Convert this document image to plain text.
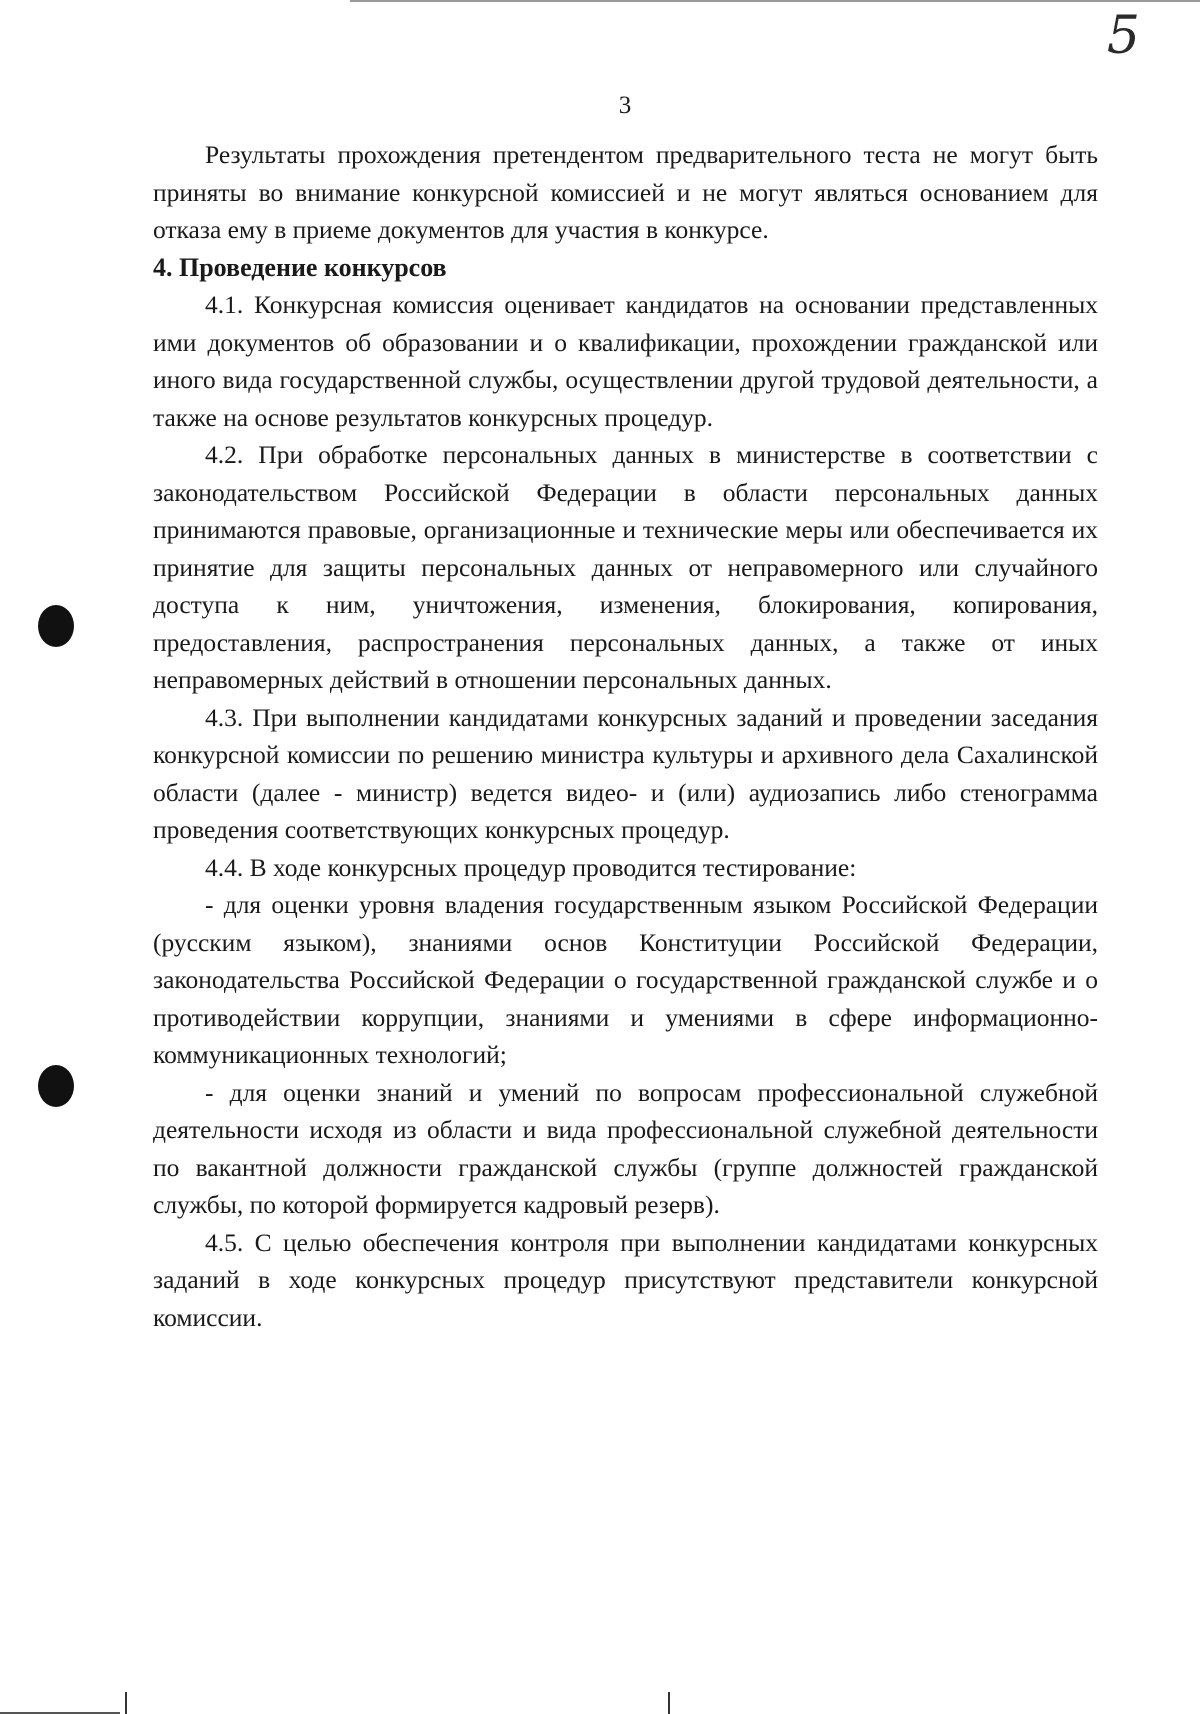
5
3

Результаты прохождения претендентом предварительного теста не могут быть приняты во внимание конкурсной комиссией и не могут являться основанием для отказа ему в приеме документов для участия в конкурсе.

4. Проведение конкурсов

4.1. Конкурсная комиссия оценивает кандидатов на основании представленных ими документов об образовании и о квалификации, прохождении гражданской или иного вида государственной службы, осуществлении другой трудовой деятельности, а также на основе результатов конкурсных процедур.

4.2. При обработке персональных данных в министерстве в соответствии с законодательством Российской Федерации в области персональных данных принимаются правовые, организационные и технические меры или обеспечивается их принятие для защиты персональных данных от неправомерного или случайного доступа к ним, уничтожения, изменения, блокирования, копирования, предоставления, распространения персональных данных, а также от иных неправомерных действий в отношении персональных данных.

4.3. При выполнении кандидатами конкурсных заданий и проведении заседания конкурсной комиссии по решению министра культуры и архивного дела Сахалинской области (далее - министр) ведется видео- и (или) аудиозапись либо стенограмма проведения соответствующих конкурсных процедур.

4.4. В ходе конкурсных процедур проводится тестирование:

- для оценки уровня владения государственным языком Российской Федерации (русским языком), знаниями основ Конституции Российской Федерации, законодательства Российской Федерации о государственной гражданской службе и о противодействии коррупции, знаниями и умениями в сфере информационно-коммуникационных технологий;

- для оценки знаний и умений по вопросам профессиональной служебной деятельности исходя из области и вида профессиональной служебной деятельности по вакантной должности гражданской службы (группе должностей гражданской службы, по которой формируется кадровый резерв).

4.5. С целью обеспечения контроля при выполнении кандидатами конкурсных заданий в ходе конкурсных процедур присутствуют представители конкурсной комиссии.
